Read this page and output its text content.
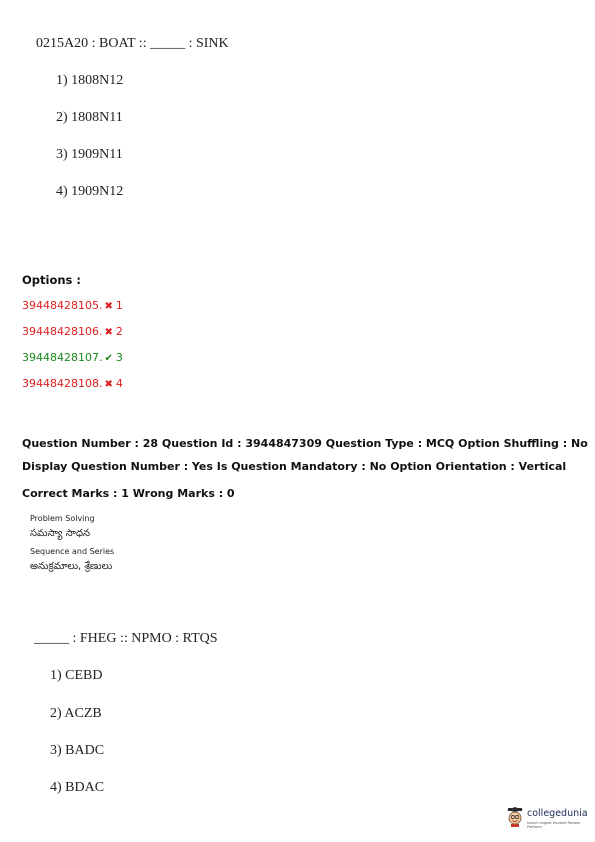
0215A20 : BOAT :: _____ : SINK
1) 1808N12
2) 1808N11
3) 1909N11
4) 1909N12
Options :
39448428105. ✖ 1
39448428106. ✖ 2
39448428107. ✔ 3
39448428108. ✖ 4
Question Number : 28 Question Id : 3944847309 Question Type : MCQ Option Shuffling : No
Display Question Number : Yes Is Question Mandatory : No Option Orientation : Vertical
Correct Marks : 1 Wrong Marks : 0
Problem Solving
సమస్యా సాధన
Sequence and Series
అనుక్రమాలు, శ్రేణులు
_____ : FHEG :: NPMO : RTQS
1) CEBD
2) ACZB
3) BADC
4) BDAC
collegedunia
India's largest Student Review Platform
